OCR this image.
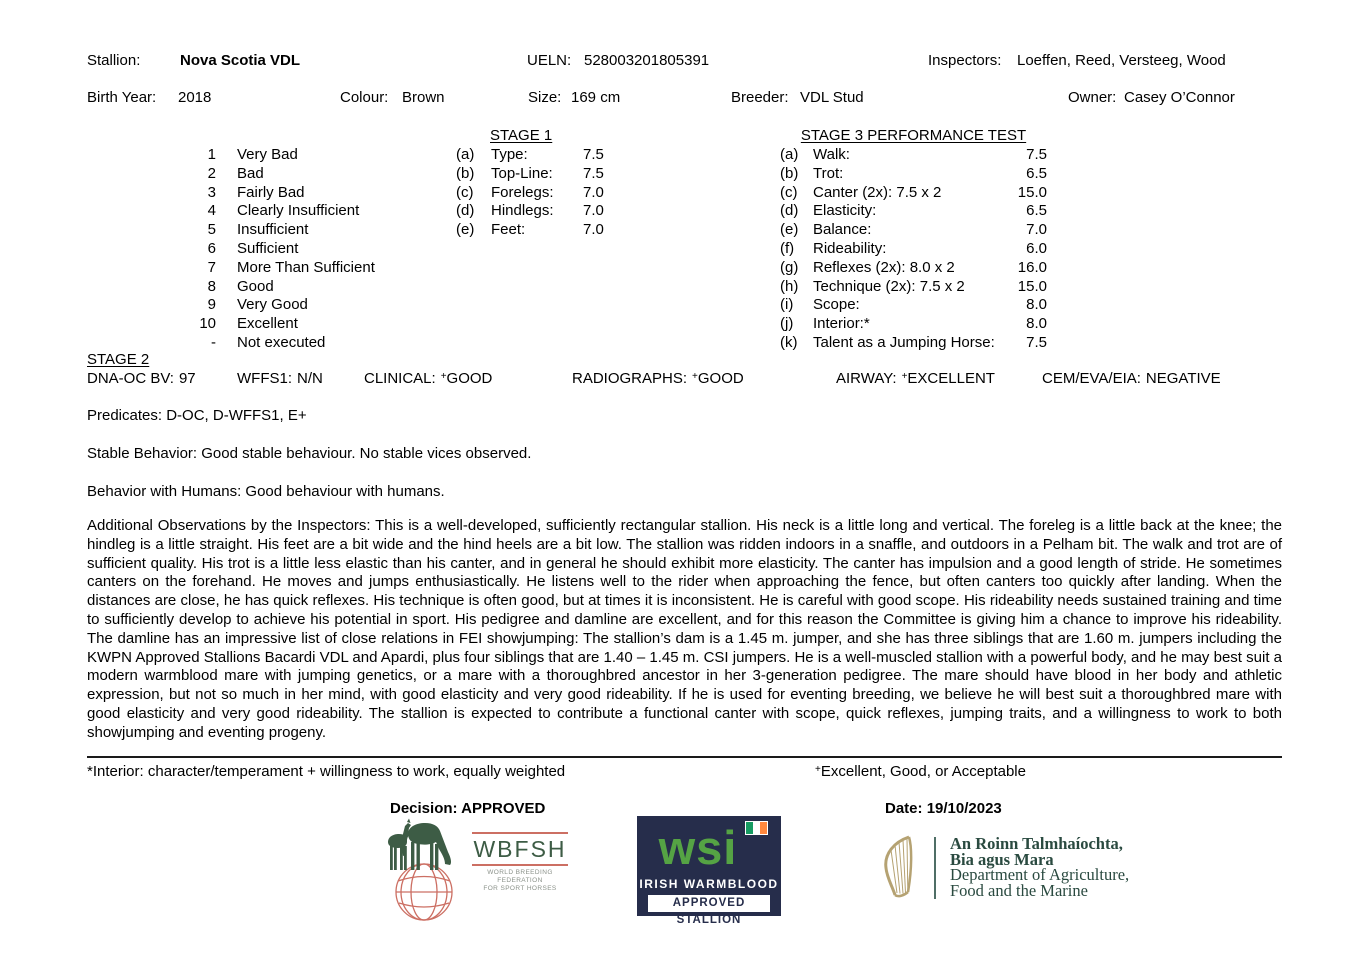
Stallion:	Nova Scotia VDL	UELN: 528003201805391	Inspectors: Loeffen, Reed, Versteeg, Wood
Birth Year: 2018	Colour: Brown	Size: 169 cm	Breeder: VDL Stud	Owner: Casey O’Connor
1 Very Bad
2 Bad
3 Fairly Bad
4 Clearly Insufficient
5 Insufficient
6 Sufficient
7 More Than Sufficient
8 Good
9 Very Good
10 Excellent
- Not executed
STAGE 1
(a)	Type:	7.5
(b)	Top-Line:	7.5
(c)	Forelegs:	7.0
(d)	Hindlegs:	7.0
(e)	Feet:	7.0
STAGE 3 PERFORMANCE TEST
(a) Walk:	7.5
(b) Trot:	6.5
(c)	Canter (2x): 7.5 x 2	15.0
(d) Elasticity:	6.5
(e) Balance:	7.0
(f)	Rideability:	6.0
(g) Reflexes (2x): 8.0 x 2	16.0
(h) Technique (2x): 7.5 x 2	15.0
(i)	Scope:	8.0
(j)	Interior:*	8.0
(k)	Talent as a Jumping Horse:	7.5
STAGE 2
DNA-OC BV: 97	WFFS1: N/N	CLINICAL: +GOOD	RADIOGRAPHS: +GOOD	AIRWAY: +EXCELLENT	CEM/EVA/EIA: NEGATIVE
Predicates: D-OC, D-WFFS1, E+
Stable Behavior: Good stable behaviour. No stable vices observed.
Behavior with Humans: Good behaviour with humans.
Additional Observations by the Inspectors: This is a well-developed, sufficiently rectangular stallion. His neck is a little long and vertical. The foreleg is a little back at the knee; the hindleg is a little straight. His feet are a bit wide and the hind heels are a bit low. The stallion was ridden indoors in a snaffle, and outdoors in a Pelham bit. The walk and trot are of sufficient quality. His trot is a little less elastic than his canter, and in general he should exhibit more elasticity. The canter has impulsion and a good length of stride. He sometimes canters on the forehand. He moves and jumps enthusiastically. He listens well to the rider when approaching the fence, but often canters too quickly after landing. When the distances are close, he has quick reflexes. His technique is often good, but at times it is inconsistent. He is careful with good scope. His rideability needs sustained training and time to sufficiently develop to achieve his potential in sport. His pedigree and damline are excellent, and for this reason the Committee is giving him a chance to improve his rideability. The damline has an impressive list of close relations in FEI showjumping: The stallion’s dam is a 1.45 m. jumper, and she has three siblings that are 1.60 m. jumpers including the KWPN Approved Stallions Bacardi VDL and Apardi, plus four siblings that are 1.40 – 1.45 m. CSI jumpers. He is a well-muscled stallion with a powerful body, and he may best suit a modern warmblood mare with jumping genetics, or a mare with a thoroughbred ancestor in her 3-generation pedigree. The mare should have blood in her body and athletic expression, but not so much in her mind, with good elasticity and very good rideability. If he is used for eventing breeding, we believe he will best suit a thoroughbred mare with good elasticity and very good rideability. The stallion is expected to contribute a functional canter with scope, quick reflexes, jumping traits, and a willingness to work to both showjumping and eventing progeny.
*Interior: character/temperament + willingness to work, equally weighted	+Excellent, Good, or Acceptable
Decision: APPROVED	Date: 19/10/2023
WBFSH
WORLD BREEDING FEDERATION
FOR SPORT HORSES
wsi
IRISH WARMBLOOD
APPROVED STALLION
An Roinn Talmhaíochta,
Bia agus Mara
Department of Agriculture,
Food and the Marine
